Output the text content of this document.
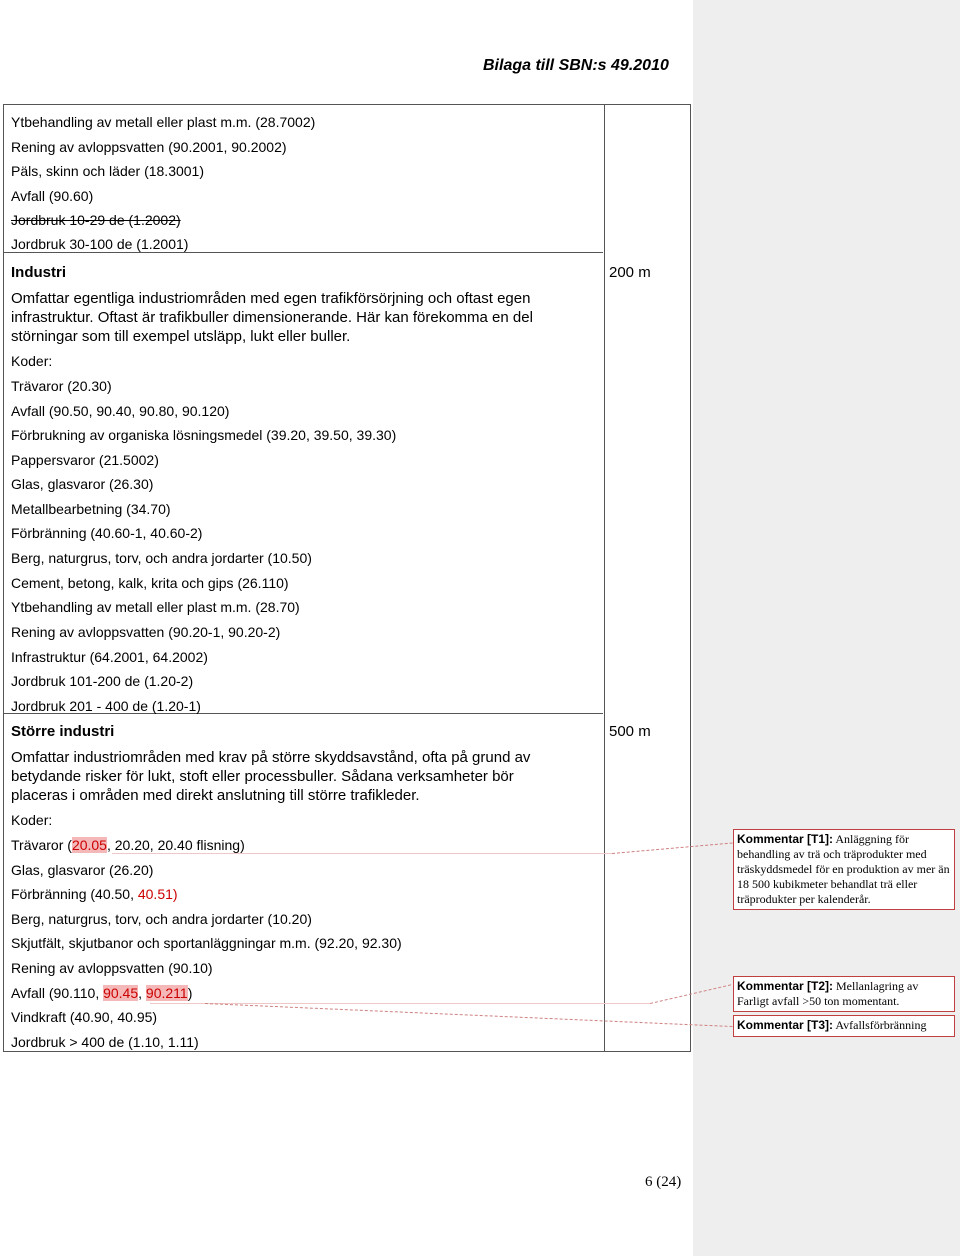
Bilaga till SBN:s 49.2010
Ytbehandling av metall eller plast m.m. (28.7002)
Rening av avloppsvatten (90.2001, 90.2002)
Päls, skinn och läder (18.3001)
Avfall (90.60)
Jordbruk 10-29 de (1.2002)
Jordbruk 30-100 de (1.2001)
Industri	200 m
Omfattar egentliga industriområden med egen trafikförsörjning och oftast egen
infrastruktur. Oftast är trafikbuller dimensionerande. Här kan förekomma en del
störningar som till exempel utsläpp, lukt eller buller.
Koder:
Trävaror (20.30)
Avfall (90.50, 90.40, 90.80, 90.120)
Förbrukning av organiska lösningsmedel (39.20, 39.50, 39.30)
Pappersvaror (21.5002)
Glas, glasvaror (26.30)
Metallbearbetning (34.70)
Förbränning (40.60-1, 40.60-2)
Berg, naturgrus, torv, och andra jordarter (10.50)
Cement, betong, kalk, krita och gips (26.110)
Ytbehandling av metall eller plast m.m. (28.70)
Rening av avloppsvatten (90.20-1, 90.20-2)
Infrastruktur (64.2001, 64.2002)
Jordbruk 101-200 de (1.20-2)
Jordbruk 201 - 400 de (1.20-1)
Större industri	500 m
Omfattar industriområden med krav på större skyddsavstånd, ofta på grund av
betydande risker för lukt, stoft eller processbuller. Sådana verksamheter bör
placeras i områden med direkt anslutning till större trafikleder.
Koder:
Trävaror (20.05, 20.20, 20.40 flisning)
Glas, glasvaror (26.20)
Förbränning (40.50, 40.51)
Berg, naturgrus, torv, och andra jordarter (10.20)
Skjutfält, skjutbanor och sportanläggningar m.m. (92.20, 92.30)
Rening av avloppsvatten (90.10)
Avfall (90.110, 90.45, 90.211)
Vindkraft (40.90, 40.95)
Jordbruk > 400 de (1.10, 1.11)
Kommentar [T1]: Anläggning för behandling av trä och träprodukter med träskyddsmedel för en produktion av mer än 18 500 kubikmeter behandlat trä eller träprodukter per kalenderår.
Kommentar [T2]: Mellanlagring av Farligt avfall >50 ton momentant.
Kommentar [T3]: Avfallsförbränning
6 (24)
